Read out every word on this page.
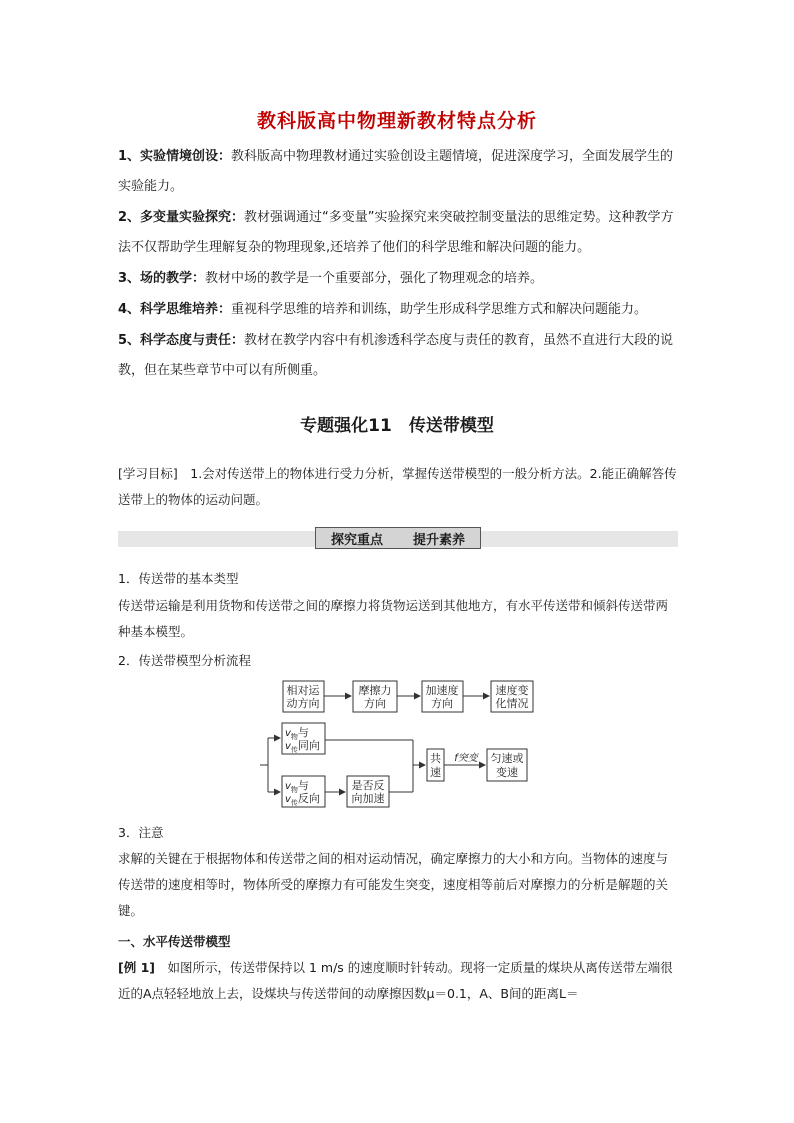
教科版高中物理新教材特点分析
1、实验情境创设：教科版高中物理教材通过实验创设主题情境，促进深度学习，全面发展学生的实验能力。
2、多变量实验探究：教材强调通过“多变量”实验探究来突破控制变量法的思维定势。这种教学方法不仅帮助学生理解复杂的物理现象,还培养了他们的科学思维和解决问题的能力。
3、场的教学：教材中场的教学是一个重要部分，强化了物理观念的培养。
4、科学思维培养：重视科学思维的培养和训练，助学生形成科学思维方式和解决问题能力。
5、科学态度与责任：教材在教学内容中有机渗透科学态度与责任的教育，虽然不直进行大段的说教，但在某些章节中可以有所侧重。
专题强化11　传送带模型
[学习目标]　1.会对传送带上的物体进行受力分析，掌握传送带模型的一般分析方法。2.能正确解答传送带上的物体的运动问题。
探究重点 提升素养
1．传送带的基本类型
传送带运输是利用货物和传送带之间的摩擦力将货物运送到其他地方，有水平传送带和倾斜传送带两种基本模型。
2．传送带模型分析流程
相对运
动方向
摩擦力
方向
加速度
方向
速度变
化情况
$v_物$与
$v_传$同向
$v_物$与
$v_传$反向
是否反
向加速
共
速
f突变 匀速或
变速
3．注意
求解的关键在于根据物体和传送带之间的相对运动情况，确定摩擦力的大小和方向。当物体的速度与传送带的速度相等时，物体所受的摩擦力有可能发生突变，速度相等前后对摩擦力的分析是解题的关键。
一、水平传送带模型
[例 1]　 如图所示，传送带保持以 1 m/s 的速度顺时针转动。现将一定质量的煤块从离传送带左端很近的A点轻轻地放上去，设煤块与传送带间的动摩擦因数μ＝0.1，A、B间的距离L＝
